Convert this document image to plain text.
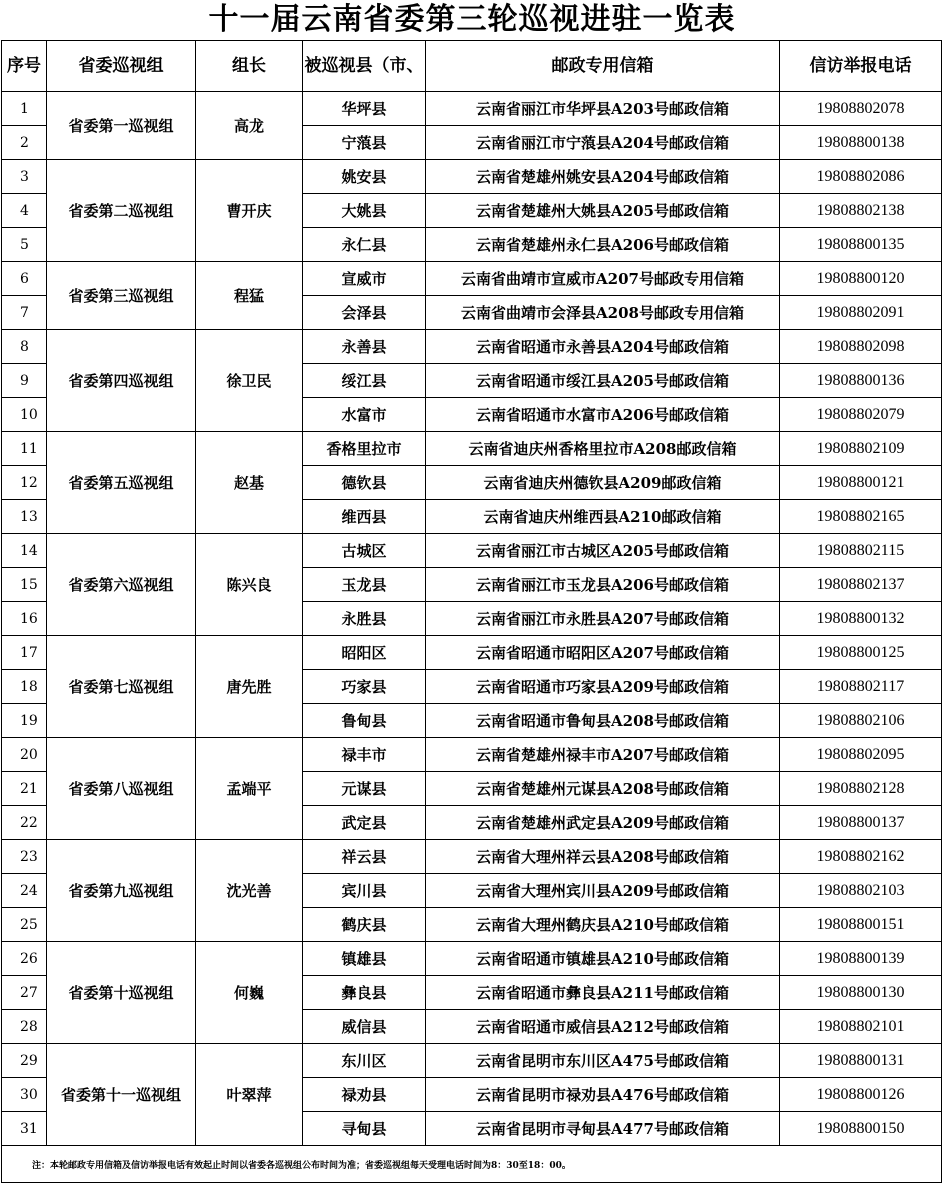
十一届云南省委第三轮巡视进驻一览表
序号	省委巡视组	组长	被巡视县（市、	邮政专用信箱	信访举报电话
1	省委第一巡视组	高龙	华坪县	云南省丽江市华坪县A203号邮政信箱	19808802078
2			宁蒗县	云南省丽江市宁蒗县A204号邮政信箱	19808800138
3	省委第二巡视组	曹开庆	姚安县	云南省楚雄州姚安县A204号邮政信箱	19808802086
4			大姚县	云南省楚雄州大姚县A205号邮政信箱	19808802138
5			永仁县	云南省楚雄州永仁县A206号邮政信箱	19808800135
6	省委第三巡视组	程猛	宣威市	云南省曲靖市宣威市A207号邮政专用信箱	19808800120
7			会泽县	云南省曲靖市会泽县A208号邮政专用信箱	19808802091
8	省委第四巡视组	徐卫民	永善县	云南省昭通市永善县A204号邮政信箱	19808802098
9			绥江县	云南省昭通市绥江县A205号邮政信箱	19808800136
10			水富市	云南省昭通市水富市A206号邮政信箱	19808802079
11	省委第五巡视组	赵基	香格里拉市	云南省迪庆州香格里拉市A208邮政信箱	19808802109
12			德钦县	云南省迪庆州德钦县A209邮政信箱	19808800121
13			维西县	云南省迪庆州维西县A210邮政信箱	19808802165
14	省委第六巡视组	陈兴良	古城区	云南省丽江市古城区A205号邮政信箱	19808802115
15			玉龙县	云南省丽江市玉龙县A206号邮政信箱	19808802137
16			永胜县	云南省丽江市永胜县A207号邮政信箱	19808800132
17	省委第七巡视组	唐先胜	昭阳区	云南省昭通市昭阳区A207号邮政信箱	19808800125
18			巧家县	云南省昭通市巧家县A209号邮政信箱	19808802117
19			鲁甸县	云南省昭通市鲁甸县A208号邮政信箱	19808802106
20	省委第八巡视组	孟端平	禄丰市	云南省楚雄州禄丰市A207号邮政信箱	19808802095
21			元谋县	云南省楚雄州元谋县A208号邮政信箱	19808802128
22			武定县	云南省楚雄州武定县A209号邮政信箱	19808800137
23	省委第九巡视组	沈光善	祥云县	云南省大理州祥云县A208号邮政信箱	19808802162
24			宾川县	云南省大理州宾川县A209号邮政信箱	19808802103
25			鹤庆县	云南省大理州鹤庆县A210号邮政信箱	19808800151
26	省委第十巡视组	何巍	镇雄县	云南省昭通市镇雄县A210号邮政信箱	19808800139
27			彝良县	云南省昭通市彝良县A211号邮政信箱	19808800130
28			威信县	云南省昭通市威信县A212号邮政信箱	19808802101
29	省委第十一巡视组	叶翠萍	东川区	云南省昆明市东川区A475号邮政信箱	19808800131
30			禄劝县	云南省昆明市禄劝县A476号邮政信箱	19808800126
31			寻甸县	云南省昆明市寻甸县A477号邮政信箱	19808800150
注：本轮邮政专用信箱及信访举报电话有效起止时间以省委各巡视组公布时间为准；省委巡视组每天受理电话时间为8：30至18：00。					
